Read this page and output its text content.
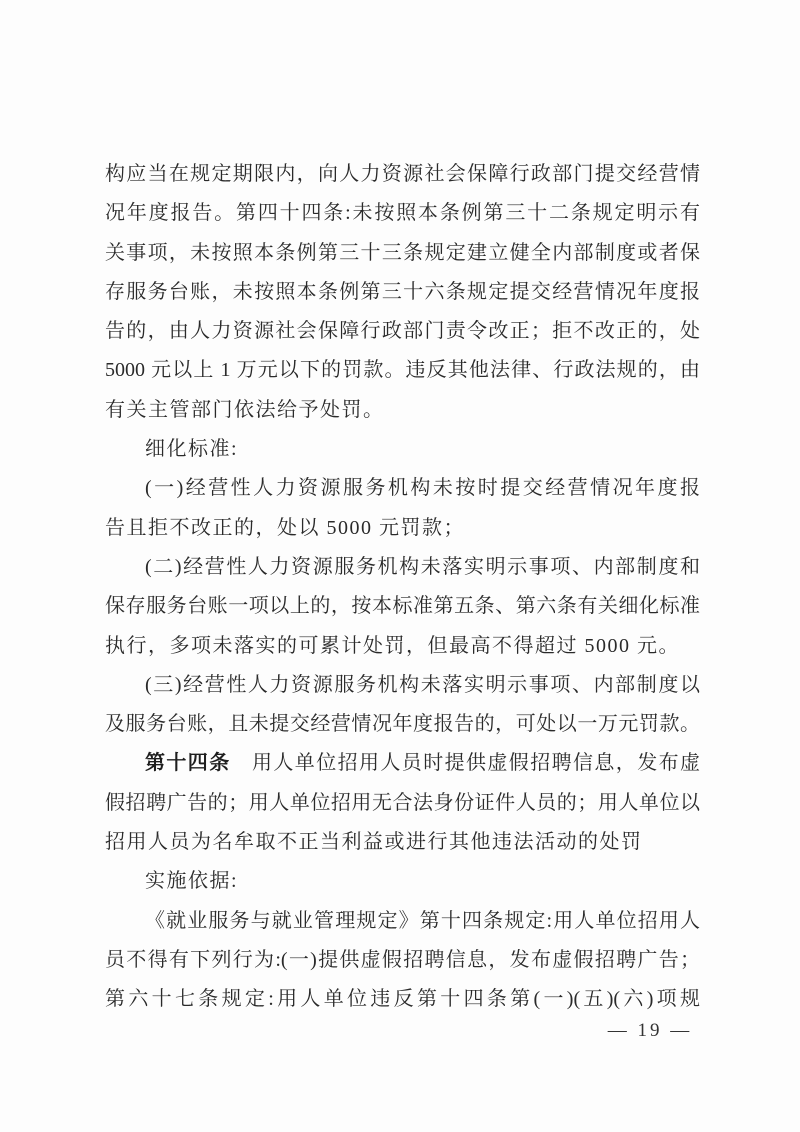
构应当在规定期限内，向人力资源社会保障行政部门提交经营情
况年度报告。第四十四条:未按照本条例第三十二条规定明示有
关事项，未按照本条例第三十三条规定建立健全内部制度或者保
存服务台账，未按照本条例第三十六条规定提交经营情况年度报
告的，由人力资源社会保障行政部门责令改正；拒不改正的，处
5000 元以上 1 万元以下的罚款。违反其他法律、行政法规的，由
有关主管部门依法给予处罚。
细化标准:
(一)经营性人力资源服务机构未按时提交经营情况年度报
告且拒不改正的，处以 5000 元罚款；
(二)经营性人力资源服务机构未落实明示事项、内部制度和
保存服务台账一项以上的，按本标准第五条、第六条有关细化标准
执行，多项未落实的可累计处罚，但最高不得超过 5000 元。
(三)经营性人力资源服务机构未落实明示事项、内部制度以
及服务台账，且未提交经营情况年度报告的，可处以一万元罚款。
第十四条　用人单位招用人员时提供虚假招聘信息，发布虚
假招聘广告的；用人单位招用无合法身份证件人员的；用人单位以
招用人员为名牟取不正当利益或进行其他违法活动的处罚
实施依据:
《就业服务与就业管理规定》第十四条规定:用人单位招用人
员不得有下列行为:(一)提供虚假招聘信息，发布虚假招聘广告；
第六十七条规定:用人单位违反第十四条第(一)(五)(六)项规
— 19 —
